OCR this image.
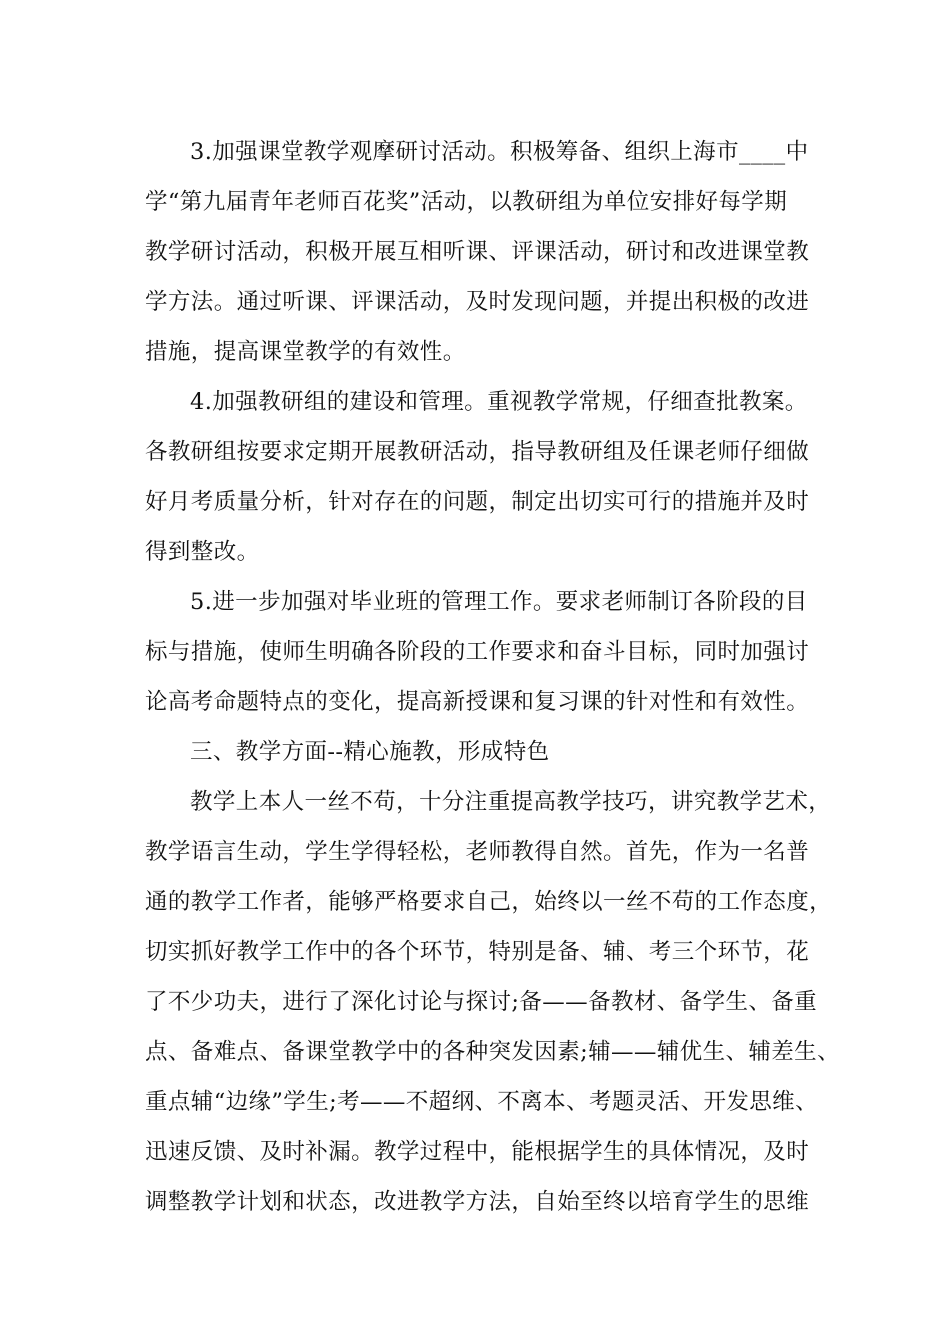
3.加强课堂教学观摩研讨活动。积极筹备、组织上海市____中
学“第九届青年老师百花奖”活动，以教研组为单位安排好每学期
教学研讨活动，积极开展互相听课、评课活动，研讨和改进课堂教
学方法。通过听课、评课活动，及时发现问题，并提出积极的改进
措施，提高课堂教学的有效性。
4.加强教研组的建设和管理。重视教学常规，仔细查批教案。
各教研组按要求定期开展教研活动，指导教研组及任课老师仔细做
好月考质量分析，针对存在的问题，制定出切实可行的措施并及时
得到整改。
5.进一步加强对毕业班的管理工作。要求老师制订各阶段的目
标与措施，使师生明确各阶段的工作要求和奋斗目标，同时加强讨
论高考命题特点的变化，提高新授课和复习课的针对性和有效性。
三、教学方面--精心施教，形成特色
教学上本人一丝不苟，十分注重提高教学技巧，讲究教学艺术，
教学语言生动，学生学得轻松，老师教得自然。首先，作为一名普
通的教学工作者，能够严格要求自己，始终以一丝不苟的工作态度，
切实抓好教学工作中的各个环节，特别是备、辅、考三个环节，花
了不少功夫，进行了深化讨论与探讨;备——备教材、备学生、备重
点、备难点、备课堂教学中的各种突发因素;辅——辅优生、辅差生、
重点辅“边缘”学生;考——不超纲、不离本、考题灵活、开发思维、
迅速反馈、及时补漏。教学过程中，能根据学生的具体情况，及时
调整教学计划和状态，改进教学方法，自始至终以培育学生的思维
